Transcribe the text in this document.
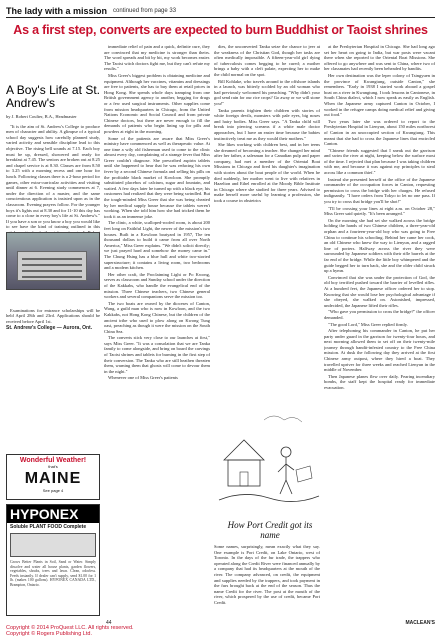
The lady with a mission continued from page 33
As a first step, converts are expected to burn Buddhist or Taoist shrines
A Boy's Life at St. Andrew's
by J. Robert Coulter, B.A., Headmaster

"It is the aim of St. Andrew's College to produce men of character and ability. A glimpse of a typical school day suggests how carefully planned study, varied activity and sensible discipline lead to this objective. The rising bell sounds at 7.15. Each boy must be up, dressed, showered and ready for breakfast at 7.45. The seniors are broken out at 8.25 and chapel service is at 8.30. Classes are from 8.50 to 3.25 with a morning recess and one hour for lunch. Following classes there is a 2-hour period for games, other extra-curricular activities and visiting until dinner at 6. Evening study commences at 7, under the direction of a master, and the same conscientious application is insisted upon as in the classroom. Evening prayers follow. For the younger boys it's lights out at 8.30 and for 11-10 this day has come to a close in every boy's life at St. Andrew's." If you have a son or you know a boy you would like to see have the kind of training outlined in this

Examinations for entrance scholarships will be held April 28th and 23rd. Applications should be received before April 1st.

St. Andrew's College — Aurora, Ont.
Wonderful Weather!
that's
MAINE
See page 4
HYPONEX
Soluble PLANT FOOD Complete
Grows Better Plants in Soil, Sand or Water. Simply dissolve and water all house plants, garden flowers, vegetables, shrubs, trees and lawn. Clean, odorless. Feeds instantly. If dealer can't supply, send $1.00 for 1 lb. (makes 100 gallons). HYPONEX CANADA LTD., Brampton, Ontario.

immediate relief of pain and a quick, definite cure, they are convinced that my medicine is stronger than theirs. The word spreads and bit by bit, my work becomes easier. The Taoist witch doctors fight me, but they can't refute my results."

Miss Greer's biggest problem is obtaining medicine and equipment. Although her vaccines, vitamins and dressings are free to patients, she has to buy them at retail prices in Hong Kong. She spends whole days tramping from one British government agency to another, begging for drugs or a few used surgical instruments. Other supplies come from mission headquarters in Chicago, from the United Nations Economic and Social Council and from private Chinese doctors, but there are never enough to fill the demands of patients who begin lining up for pills and powders at eight in the morning.

Some of the patients are aware that Miss Greer's ministry have commenced as well as therapeutic value. At one time a wily old fisherman used to come to the clinic almost every day, complaining of a strange fever that Miss Greer couldn't diagnose. She prescribed aspirin tablets until she happened to hear that he was reducing his own fever by a second Chinese formula and selling his pills on the profitable black market of Kowloon. She promptly substituted placebos of calcium, sugar and fountain, and waited. A few days later he turned up with a black eye; his customers had realized that they were being swindled. But the tough-minded Miss Greer that she was being cheated by her medical supply house because the tablets weren't working. When she told him how she had tricked them he took it as an immense joke.

The clinic, a white, scalloped-roofed room, is about 200 feet long on Faithful Light, the newer of the mission's two houses. Built in a Kowloon boatyard in 1957, The ten thousand dollars to build it came from all over North America," Miss Greer explains. "We didn't solicit directly; we just prayed hard and somehow the money came in." The Chung Hsing has a blue hull and white two-storied superstructure; it contains a living room, two bedrooms and a modern kitchen.

Her other craft, the Proclaiming Light or Po Kwong, serves as classroom and Sunday school under the direction of the Kakkabs, who handle the evangelical end of the mission. Three Chinese teachers, two Chinese general workers and several companions serve the mission too.

The two boats are owned by the dioceses of Canton, Wang, a guild man who is now in Kowloon, and the two Kakkabs, not Hong Kong Chinese, but the children of the ancient tribe who used to plow along on Kwong Tung oast, preaching as though it were the mission on the South China Sea.

The converts stick very close to our launches at first," says Miss Greer. "It was a consolation that we are Tanka family to come alongside, and bring on board the carvings of Taoist shrines and tablets for burning in the first step of their conversion. The Tanka who are still heathen threaten them, warning them that ghosts will come to devour them in the night."

Whenever one of Miss Greer's patients

dies, the unconverted Tanka seize the chance to jeer at the weakness of the Christian God, though her tasks are often medically impossible. A fifteen-year-old girl dying of tuberculosis comes begging to be cured; a mother brings a baby with a cleft palate, expecting her to make the child normal on the spot.

Bill Kohlake, who travels around to the offshore islands in a launch, was bitterly scolded by an old woman who had previously welcomed his preaching. "Why didn't your god send rain for our rice crops? Go away or we will stone you!"

Tanka parents frighten their children with stories of white foreign devils, monsters with pale eyes, big noses and hairy bodies. Miss Greer says. "A Tanka child will break into piercing screams if a white male doctor approaches, but I have an easier time because the babies instinctively treat me as they would their mothers."

She likes working with children best, and in her teens she dreamed of becoming a teacher. She changed her mind after her father, a salesman for a Canadian pulp and paper company, had met a member of the Oriental Boat Missions in Chicago and fired his daughter's imagination with stories about the boat people of the world. When he died suddenly, her mother went to live with relatives in Hazelton and Ethel enrolled at the Moody Bible Institute in Chicago where she studied for three years. Advised to make herself more useful by learning a profession, she took a course in obstetrics

How Port Credit got its name
Some names, surprisingly, mean exactly what they say. One example is Port Credit, on Lake Ontario, west of Toronto. In the days of the fur trade, the trappers who operated along the Credit River were financed annually by a company that had its headquarters at the mouth of the river. The company advanced, on credit, the equipment and supplies needed by the trappers, and took payment in the furs brought back at the end of the season. Thus the name Credit for the river. The post at the mouth of the river, which prospered by the use of credit, became Port Credit.

at the Presbyterian Hospital in Chicago. She had long ago set her heart on going to India, but war posts were vacant there when she reported to the Oriental Boat Missions. She offered to go anywhere and was sent to China, where two of her classmates had recently been beheaded by bandits.

Her own destination was the leper colony of Tsingyuen in the province of Kwangtung, outside Canton," she remembers. "Early in 1938 I started work aboard a gospel boat on a river in Kwangtung. I took lessons in Cantonese, in South China dialect, which I now speak as easily as English. When the Japanese army captured Canton in October, I worked in the refugee camps doing medical relief and giving out food."

Two years later she was ordered to report to the Presbyterian Hospital in Lienyun, about 150 miles northwest of Canton in an unoccupied section of Kwangtung. This meant that she had to cross the Japanese lines that encircled Canton.

"Chinese friends suggested that I sneak out the garrison and swim the river at night, keeping below the surface most of the time. I rejected that plan because I was taking children with me, and because it was against my principles to steal across like a common thief."

Instead she presented herself at the office of the Japanese commander of the occupation forces in Canton, requesting permission to cross the bridge with her charges. He refused indignantly. "I have orders from Tokyo to let no one pass. If you try to cross that bridge you'll be shot!"

"I'll be crossing your lines at eight a.m. on October 28," Miss Greer said quietly. "It's been arranged."

On the morning she had set she walked across the bridge holding the hands of two Chinese children, a three-year-old orphan and a fourteen-year-old boy who was going to Free China to continue his schooling. Behind her came her cook, an old Chinese who knew the way to Lienyun, and a ragged line of porters. Halfway across the river they were surrounded by Japanese soldiers with their rifle barrels at the far end of the bridge. While the little boy whimpered and the guide begged her to turn back, she and the older child struck up a hymn.

Convinced that she was under the protection of God, the old boy terrified pushed toward the barrier of levelled rifles. At a hundred feet, the Japanese officer ordered her to stop. Knowing that she would lose her psychological advantage if she obeyed, she walked on. Astonished, impressed, undecided, the Japanese lifted their rifles.

"Who gave you permission to cross the bridge?" the officer demanded.

"The good Lord," Miss Greer replied firmly.

After telephoning his commander in Canton, he put her party under guard in the garrison for twenty-four hours, and next morning allowed them to set off on their twenty-mile journey through bandit-infested country to the Free China mission. At dusk the following day they arrived at the first Chinese army outpost, where they hired a boat. They travelled upriver for three weeks and reached Lienyun in the middle of November.

Then Japanese planes flew over daily. Fearing incendiary bombs, the staff kept the hospital ready for immediate evacuation.

44	MACLEAN'S
Copyright © 2014 ProQuest LLC. All rights reserved.
Copyright © Rogers Publishing Ltd.
